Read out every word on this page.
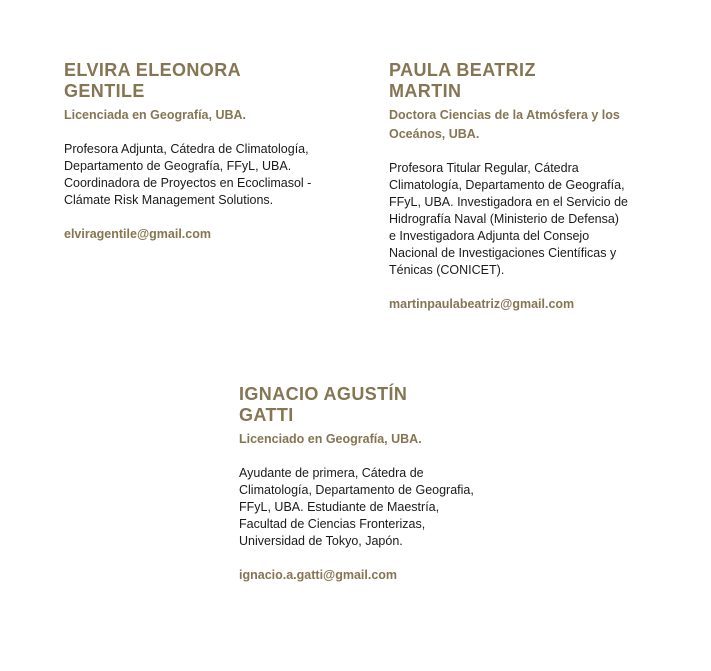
ELVIRA ELEONORA GENTILE

Licenciada en Geografía, UBA.

Profesora Adjunta, Cátedra de Climatología, Departamento de Geografía, FFyL, UBA. Coordinadora de Proyectos en Ecoclimasol - Clámate Risk Management Solutions.

elviragentile@gmail.com

PAULA BEATRIZ MARTIN

Doctora Ciencias de la Atmósfera y los Oceános, UBA.

Profesora Titular Regular, Cátedra Climatología, Departamento de Geografía, FFyL, UBA. Investigadora en el Servicio de Hidrografía Naval (Ministerio de Defensa) e Investigadora Adjunta del Consejo Nacional de Investigaciones Científicas y Ténicas (CONICET).

martinpaulabeatriz@gmail.com

IGNACIO AGUSTÍN GATTI

Licenciado en Geografía, UBA.

Ayudante de primera, Cátedra de Climatología, Departamento de Geografia, FFyL, UBA. Estudiante de Maestría, Facultad de Ciencias Fronterizas, Universidad de Tokyo, Japón.

ignacio.a.gatti@gmail.com
